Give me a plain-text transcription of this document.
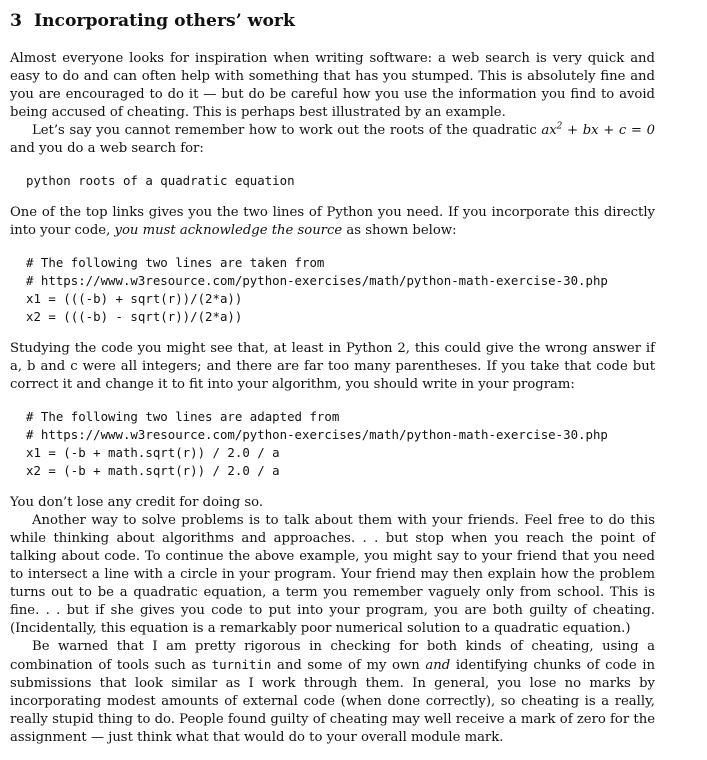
3 Incorporating others’ work

Almost everyone looks for inspiration when writing software: a web search is very quick and easy to do and can often help with something that has you stumped. This is absolutely fine and you are encouraged to do it — but do be careful how you use the information you find to avoid being accused of cheating. This is perhaps best illustrated by an example.

Let’s say you cannot remember how to work out the roots of the quadratic $ax^2$ + bx + c = 0 and you do a web search for:

python roots of a quadratic equation

One of the top links gives you the two lines of Python you need. If you incorporate this directly into your code, you must acknowledge the source as shown below:

# The following two lines are taken from
# https://www.w3resource.com/python-exercises/math/python-math-exercise-30.php
x1 = (((-b) + sqrt(r))/(2*a))
x2 = (((-b) - sqrt(r))/(2*a))

Studying the code you might see that, at least in Python 2, this could give the wrong answer if a, b and c were all integers; and there are far too many parentheses. If you take that code but correct it and change it to fit into your algorithm, you should write in your program:

# The following two lines are adapted from
# https://www.w3resource.com/python-exercises/math/python-math-exercise-30.php
x1 = (-b + math.sqrt(r)) / 2.0 / a
x2 = (-b + math.sqrt(r)) / 2.0 / a

You don’t lose any credit for doing so.

Another way to solve problems is to talk about them with your friends. Feel free to do this while thinking about algorithms and approaches. . . but stop when you reach the point of talking about code. To continue the above example, you might say to your friend that you need to intersect a line with a circle in your program. Your friend may then explain how the problem turns out to be a quadratic equation, a term you remember vaguely only from school. This is fine. . . but if she gives you code to put into your program, you are both guilty of cheating. (Incidentally, this equation is a remarkably poor numerical solution to a quadratic equation.)

Be warned that I am pretty rigorous in checking for both kinds of cheating, using a combination of tools such as turnitin and some of my own and identifying chunks of code in submissions that look similar as I work through them. In general, you lose no marks by incorporating modest amounts of external code (when done correctly), so cheating is a really, really stupid thing to do. People found guilty of cheating may well receive a mark of zero for the assignment — just think what that would do to your overall module mark.
